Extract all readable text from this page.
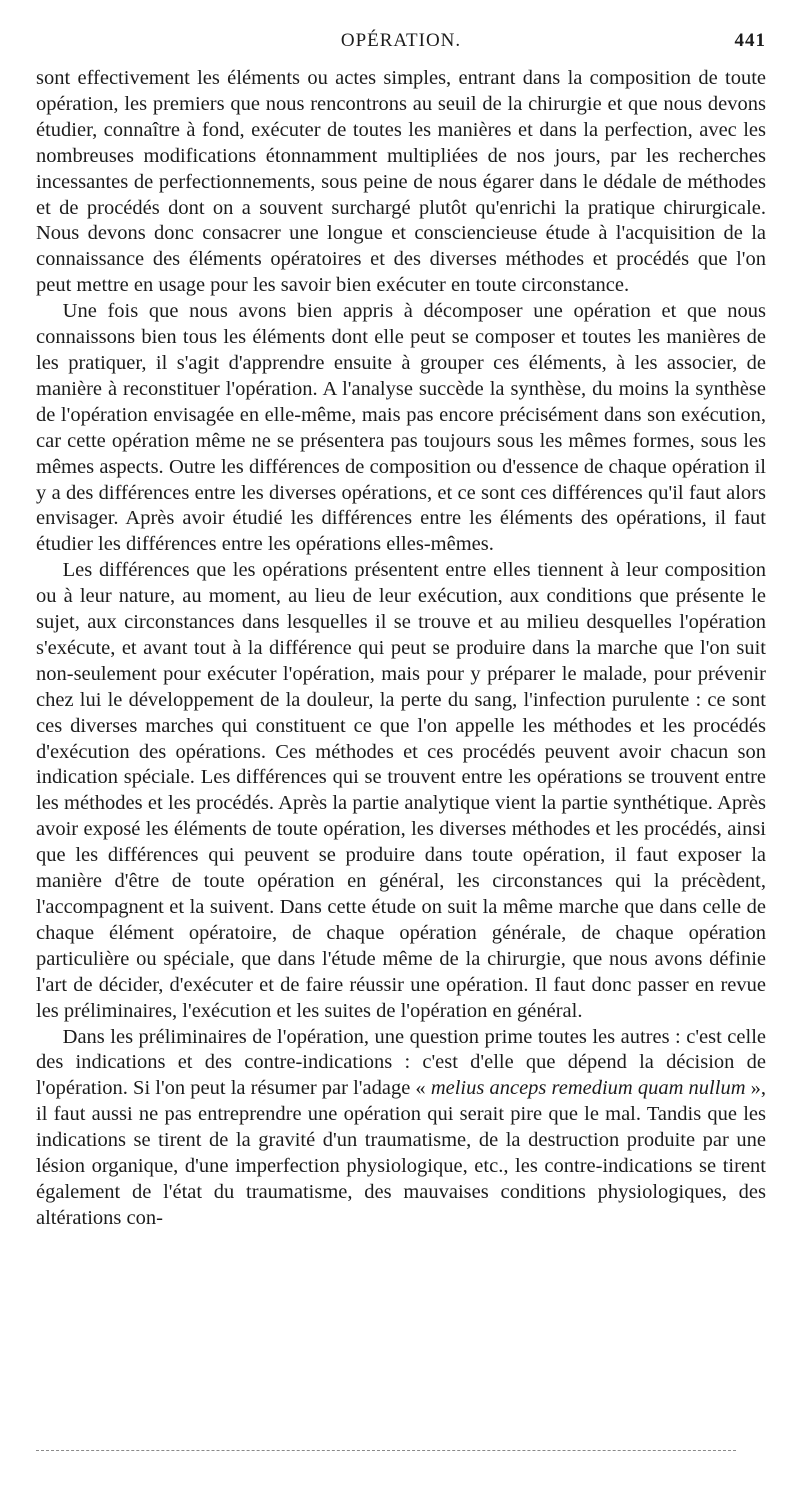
OPÉRATION.	441

sont effectivement les éléments ou actes simples, entrant dans la composition de toute opération, les premiers que nous rencontrons au seuil de la chirurgie et que nous devons étudier, connaître à fond, exécuter de toutes les manières et dans la perfection, avec les nombreuses modifications étonnamment multipliées de nos jours, par les recherches incessantes de perfectionnements, sous peine de nous égarer dans le dédale de méthodes et de procédés dont on a souvent surchargé plutôt qu'enrichi la pratique chirurgicale. Nous devons donc consacrer une longue et consciencieuse étude à l'acquisition de la connaissance des éléments opératoires et des diverses méthodes et procédés que l'on peut mettre en usage pour les savoir bien exécuter en toute circonstance.

Une fois que nous avons bien appris à décomposer une opération et que nous connaissons bien tous les éléments dont elle peut se composer et toutes les manières de les pratiquer, il s'agit d'apprendre ensuite à grouper ces éléments, à les associer, de manière à reconstituer l'opération. A l'analyse succède la synthèse, du moins la synthèse de l'opération envisagée en elle-même, mais pas encore précisément dans son exécution, car cette opération même ne se présentera pas toujours sous les mêmes formes, sous les mêmes aspects. Outre les différences de composition ou d'essence de chaque opération il y a des différences entre les diverses opérations, et ce sont ces différences qu'il faut alors envisager. Après avoir étudié les différences entre les éléments des opérations, il faut étudier les différences entre les opérations elles-mêmes.

Les différences que les opérations présentent entre elles tiennent à leur composition ou à leur nature, au moment, au lieu de leur exécution, aux conditions que présente le sujet, aux circonstances dans lesquelles il se trouve et au milieu desquelles l'opération s'exécute, et avant tout à la différence qui peut se produire dans la marche que l'on suit non-seulement pour exécuter l'opération, mais pour y préparer le malade, pour prévenir chez lui le développement de la douleur, la perte du sang, l'infection purulente : ce sont ces diverses marches qui constituent ce que l'on appelle les méthodes et les procédés d'exécution des opérations. Ces méthodes et ces procédés peuvent avoir chacun son indication spéciale. Les différences qui se trouvent entre les opérations se trouvent entre les méthodes et les procédés. Après la partie analytique vient la partie synthétique. Après avoir exposé les éléments de toute opération, les diverses méthodes et les procédés, ainsi que les différences qui peuvent se produire dans toute opération, il faut exposer la manière d'être de toute opération en général, les circonstances qui la précèdent, l'accompagnent et la suivent. Dans cette étude on suit la même marche que dans celle de chaque élément opératoire, de chaque opération générale, de chaque opération particulière ou spéciale, que dans l'étude même de la chirurgie, que nous avons définie l'art de décider, d'exécuter et de faire réussir une opération. Il faut donc passer en revue les préliminaires, l'exécution et les suites de l'opération en général.

Dans les préliminaires de l'opération, une question prime toutes les autres : c'est celle des indications et des contre-indications : c'est d'elle que dépend la décision de l'opération. Si l'on peut la résumer par l'adage « melius anceps remedium quam nullum », il faut aussi ne pas entreprendre une opération qui serait pire que le mal. Tandis que les indications se tirent de la gravité d'un traumatisme, de la destruction produite par une lésion organique, d'une imperfection physiologique, etc., les contre-indications se tirent également de l'état du traumatisme, des mauvaises conditions physiologiques, des altérations con-
